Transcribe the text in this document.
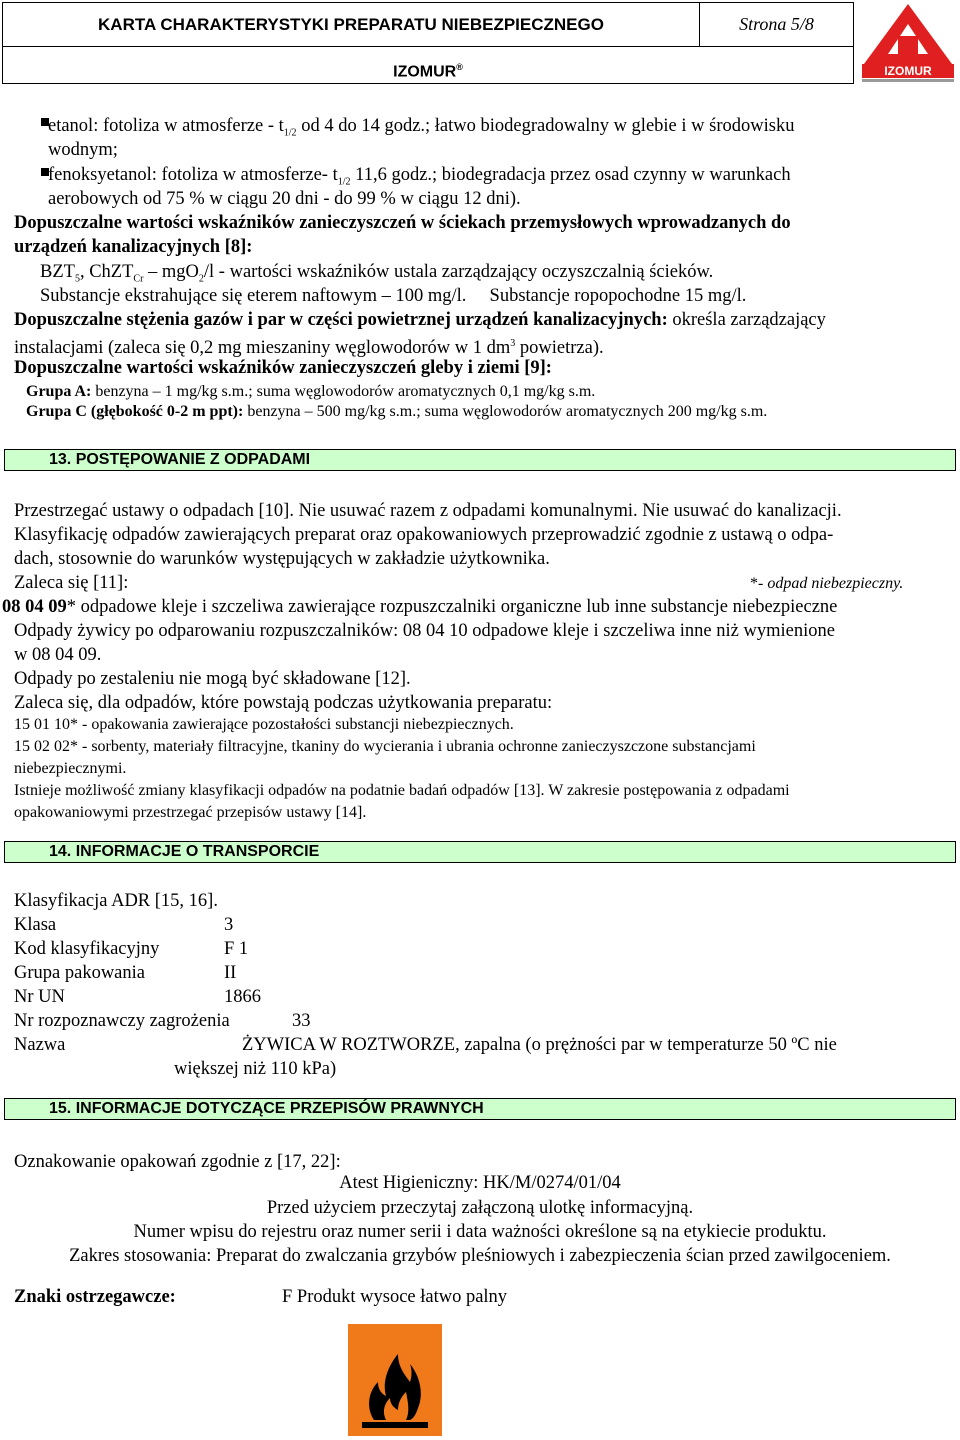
KARTA CHARAKTERYSTYKI PREPARATU NIEBEZPIECZNEGO	Strona 5/8
IZOMUR®	IZOMUR
etanol: fotoliza w atmosferze - $t_{1/2}$ od 4 do 14 godz.; łatwo biodegradowalny w glebie i w środowisku
wodnym;
fenoksyetanol: fotoliza w atmosferze- $t_{1/2}$ 11,6 godz.; biodegradacja przez osad czynny w warunkach
aerobowych od 75 % w ciągu 20 dni - do 99 % w ciągu 12 dni).
Dopuszczalne wartości wskaźników zanieczyszczeń w ściekach przemysłowych wprowadzanych do
urządzeń kanalizacyjnych [8]:
$BZT_5$, ChZT$_{Cr}$ – mgO$_2$/l - wartości wskaźników ustala zarządzający oczyszczalnią ścieków.
Substancje ekstrahujące się eterem naftowym – 100 mg/l.     Substancje ropopochodne 15 mg/l.
Dopuszczalne stężenia gazów i par w części powietrznej urządzeń kanalizacyjnych: określa zarządzający
instalacjami (zaleca się 0,2 mg mieszaniny węglowodorów w 1 $dm^3$ powietrza).
Dopuszczalne wartości wskaźników zanieczyszczeń gleby i ziemi [9]:
Grupa A: benzyna – 1 mg/kg s.m.; suma węglowodorów aromatycznych 0,1 mg/kg s.m.
Grupa C (głębokość 0-2 m ppt): benzyna – 500 mg/kg s.m.; suma węglowodorów aromatycznych 200 mg/kg s.m.
13. POSTĘPOWANIE Z ODPADAMI
Przestrzegać ustawy o odpadach [10]. Nie usuwać razem z odpadami komunalnymi. Nie usuwać do kanalizacji.
Klasyfikację odpadów zawierających preparat oraz opakowaniowych przeprowadzić zgodnie z ustawą o odpa-
dach, stosownie do warunków występujących w zakładzie użytkownika.
Zaleca się [11]:	*- odpad niebezpieczny.
08 04 09* odpadowe kleje i szczeliwa zawierające rozpuszczalniki organiczne lub inne substancje niebezpieczne
Odpady żywicy po odparowaniu rozpuszczalników: 08 04 10 odpadowe kleje i szczeliwa inne niż wymienione
w 08 04 09.
Odpady po zestaleniu nie mogą być składowane [12].
Zaleca się, dla odpadów, które powstają podczas użytkowania preparatu:
15 01 10* - opakowania zawierające pozostałości substancji niebezpiecznych.
15 02 02* - sorbenty, materiały filtracyjne, tkaniny do wycierania i ubrania ochronne zanieczyszczone substancjami
niebezpiecznymi.
Istnieje możliwość zmiany klasyfikacji odpadów na podatnie badań odpadów [13]. W zakresie postępowania z odpadami
opakowaniowymi przestrzegać przepisów ustawy [14].
14. INFORMACJE O TRANSPORCIE
Klasyfikacja ADR [15, 16].
Klasa	3
Kod klasyfikacyjny	F 1
Grupa pakowania	II
Nr UN	1866
Nr rozpoznawczy zagrożenia	33
Nazwa	ŻYWICA W ROZTWORZE, zapalna (o prężności par w temperaturze 50 ºC nie
większej niż 110 kPa)
15. INFORMACJE DOTYCZĄCE PRZEPISÓW PRAWNYCH
Oznakowanie opakowań zgodnie z [17, 22]:
Atest Higieniczny: HK/M/0274/01/04
Przed użyciem przeczytaj załączoną ulotkę informacyjną.
Numer wpisu do rejestru oraz numer serii i data ważności określone są na etykiecie produktu.
Zakres stosowania: Preparat do zwalczania grzybów pleśniowych i zabezpieczenia ścian przed zawilgoceniem.
Znaki ostrzegawcze:	F Produkt wysoce łatwo palny
